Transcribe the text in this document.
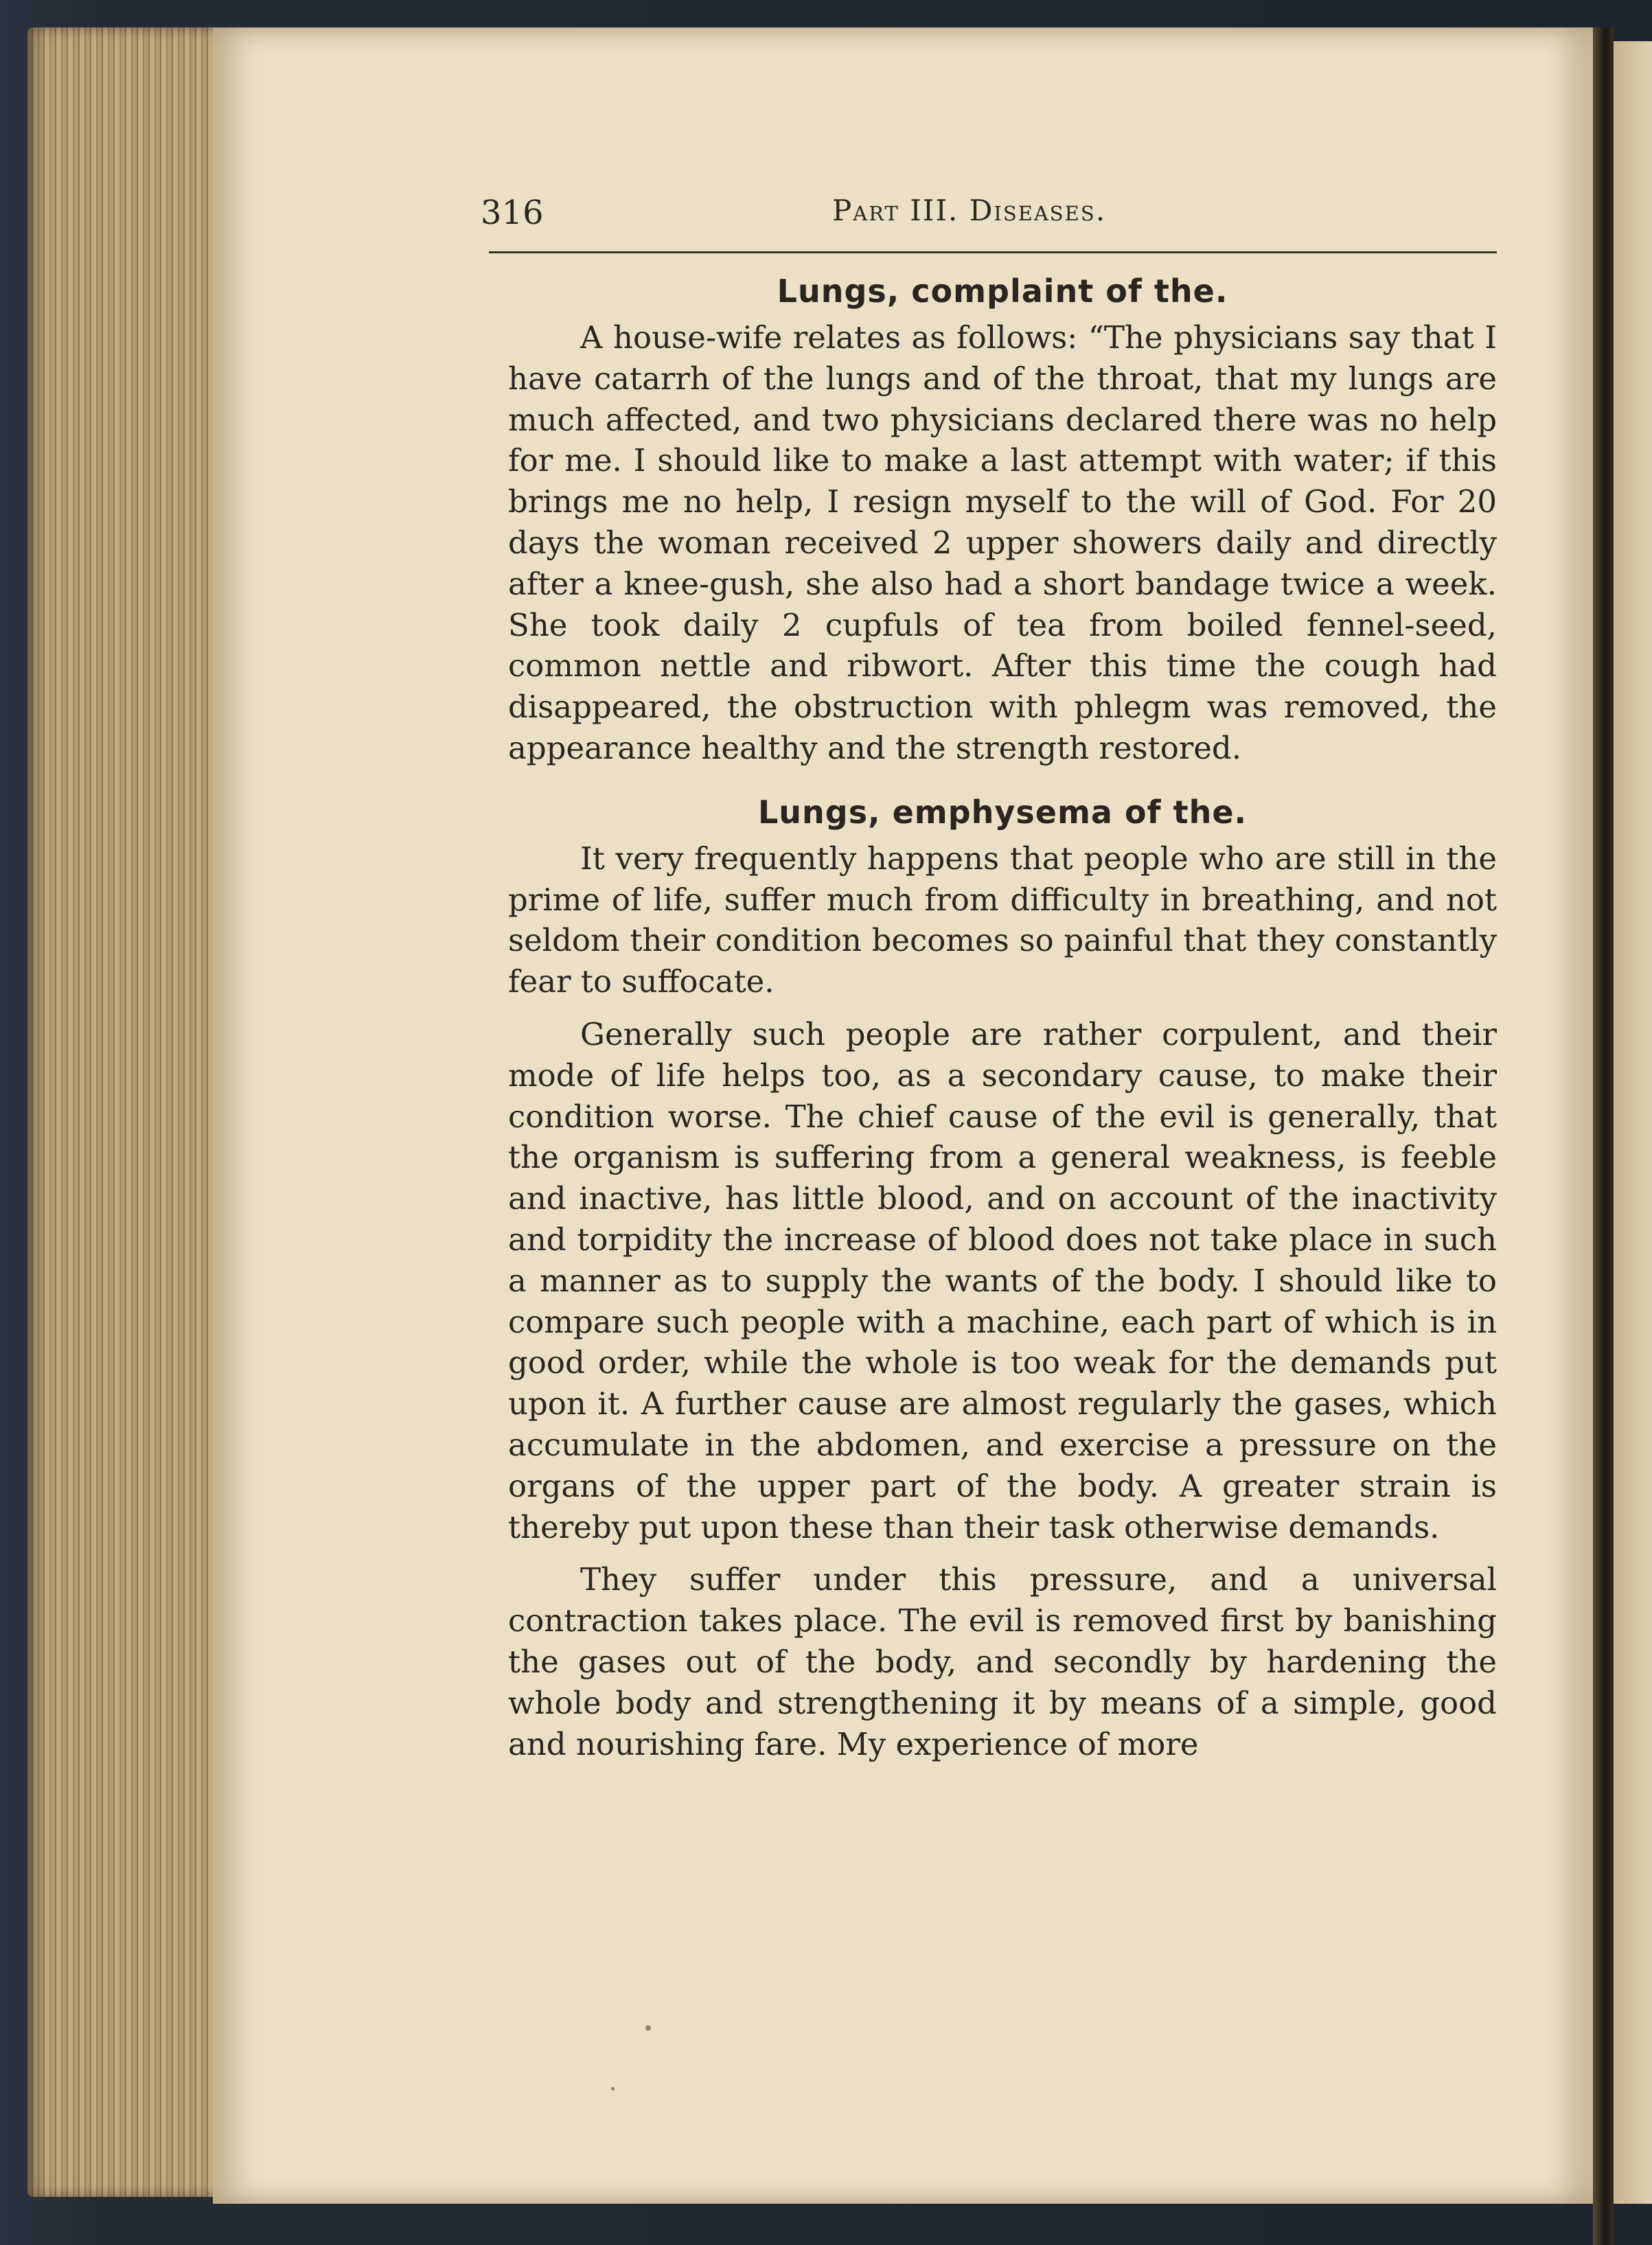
316	Part III. Diseases.
Lungs, complaint of the.

A house-wife relates as follows: “The physicians say that I have catarrh of the lungs and of the throat, that my lungs are much affected, and two physicians declared there was no help for me. I should like to make a last attempt with water; if this brings me no help, I resign myself to the will of God. For 20 days the woman received 2 upper showers daily and directly after a knee-gush, she also had a short bandage twice a week. She took daily 2 cupfuls of tea from boiled fennel-seed, common nettle and ribwort. After this time the cough had disappeared, the obstruction with phlegm was removed, the appearance healthy and the strength restored.

Lungs, emphysema of the.

It very frequently happens that people who are still in the prime of life, suffer much from difficulty in breathing, and not seldom their condition becomes so painful that they constantly fear to suffocate.

Generally such people are rather corpulent, and their mode of life helps too, as a secondary cause, to make their condition worse. The chief cause of the evil is generally, that the organism is suffering from a general weakness, is feeble and inactive, has little blood, and on account of the inactivity and torpidity the increase of blood does not take place in such a manner as to supply the wants of the body. I should like to compare such people with a machine, each part of which is in good order, while the whole is too weak for the demands put upon it. A further cause are almost regularly the gases, which accumulate in the abdomen, and exercise a pressure on the organs of the upper part of the body. A greater strain is thereby put upon these than their task otherwise demands.

They suffer under this pressure, and a universal contraction takes place. The evil is removed first by banishing the gases out of the body, and secondly by hardening the whole body and strengthening it by means of a simple, good and nourishing fare. My experience of more
